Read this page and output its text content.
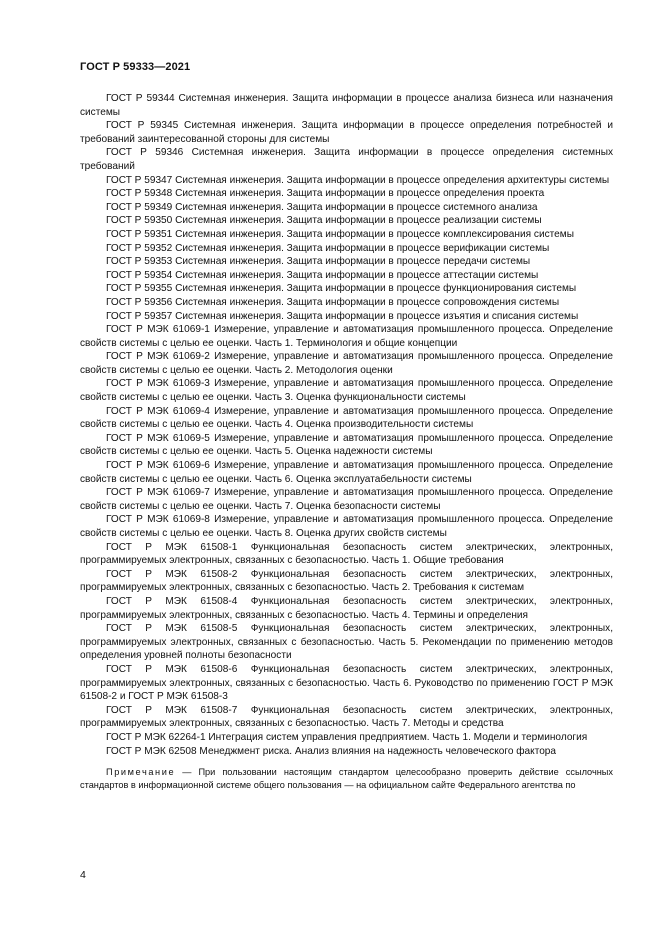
ГОСТ Р 59333—2021

ГОСТ Р 59344 Системная инженерия. Защита информации в процессе анализа бизнеса или назначения системы

ГОСТ Р 59345 Системная инженерия. Защита информации в процессе определения потребностей и требований заинтересованной стороны для системы

ГОСТ Р 59346 Системная инженерия. Защита информации в процессе определения системных требований

ГОСТ Р 59347 Системная инженерия. Защита информации в процессе определения архитектуры системы

ГОСТ Р 59348 Системная инженерия. Защита информации в процессе определения проекта

ГОСТ Р 59349 Системная инженерия. Защита информации в процессе системного анализа

ГОСТ Р 59350 Системная инженерия. Защита информации в процессе реализации системы

ГОСТ Р 59351 Системная инженерия. Защита информации в процессе комплексирования системы

ГОСТ Р 59352 Системная инженерия. Защита информации в процессе верификации системы

ГОСТ Р 59353 Системная инженерия. Защита информации в процессе передачи системы

ГОСТ Р 59354 Системная инженерия. Защита информации в процессе аттестации системы

ГОСТ Р 59355 Системная инженерия. Защита информации в процессе функционирования системы

ГОСТ Р 59356 Системная инженерия. Защита информации в процессе сопровождения системы

ГОСТ Р 59357 Системная инженерия. Защита информации в процессе изъятия и списания системы

ГОСТ Р МЭК 61069-1 Измерение, управление и автоматизация промышленного процесса. Определение свойств системы с целью ее оценки. Часть 1. Терминология и общие концепции

ГОСТ Р МЭК 61069-2 Измерение, управление и автоматизация промышленного процесса. Определение свойств системы с целью ее оценки. Часть 2. Методология оценки

ГОСТ Р МЭК 61069-3 Измерение, управление и автоматизация промышленного процесса. Определение свойств системы с целью ее оценки. Часть 3. Оценка функциональности системы

ГОСТ Р МЭК 61069-4 Измерение, управление и автоматизация промышленного процесса. Определение свойств системы с целью ее оценки. Часть 4. Оценка производительности системы

ГОСТ Р МЭК 61069-5 Измерение, управление и автоматизация промышленного процесса. Определение свойств системы с целью ее оценки. Часть 5. Оценка надежности системы

ГОСТ Р МЭК 61069-6 Измерение, управление и автоматизация промышленного процесса. Определение свойств системы с целью ее оценки. Часть 6. Оценка эксплуатабельности системы

ГОСТ Р МЭК 61069-7 Измерение, управление и автоматизация промышленного процесса. Определение свойств системы с целью ее оценки. Часть 7. Оценка безопасности системы

ГОСТ Р МЭК 61069-8 Измерение, управление и автоматизация промышленного процесса. Определение свойств системы с целью ее оценки. Часть 8. Оценка других свойств системы

ГОСТ Р МЭК 61508-1 Функциональная безопасность систем электрических, электронных, программируемых электронных, связанных с безопасностью. Часть 1. Общие требования

ГОСТ Р МЭК 61508-2 Функциональная безопасность систем электрических, электронных, программируемых электронных, связанных с безопасностью. Часть 2. Требования к системам

ГОСТ Р МЭК 61508-4 Функциональная безопасность систем электрических, электронных, программируемых электронных, связанных с безопасностью. Часть 4. Термины и определения

ГОСТ Р МЭК 61508-5 Функциональная безопасность систем электрических, электронных, программируемых электронных, связанных с безопасностью. Часть 5. Рекомендации по применению методов определения уровней полноты безопасности

ГОСТ Р МЭК 61508-6 Функциональная безопасность систем электрических, электронных, программируемых электронных, связанных с безопасностью. Часть 6. Руководство по применению ГОСТ Р МЭК 61508-2 и ГОСТ Р МЭК 61508-3

ГОСТ Р МЭК 61508-7 Функциональная безопасность систем электрических, электронных, программируемых электронных, связанных с безопасностью. Часть 7. Методы и средства

ГОСТ Р МЭК 62264-1 Интеграция систем управления предприятием. Часть 1. Модели и терминология

ГОСТ Р МЭК 62508 Менеджмент риска. Анализ влияния на надежность человеческого фактора

Примечание — При пользовании настоящим стандартом целесообразно проверить действие ссылочных стандартов в информационной системе общего пользования — на официальном сайте Федерального агентства по

4
